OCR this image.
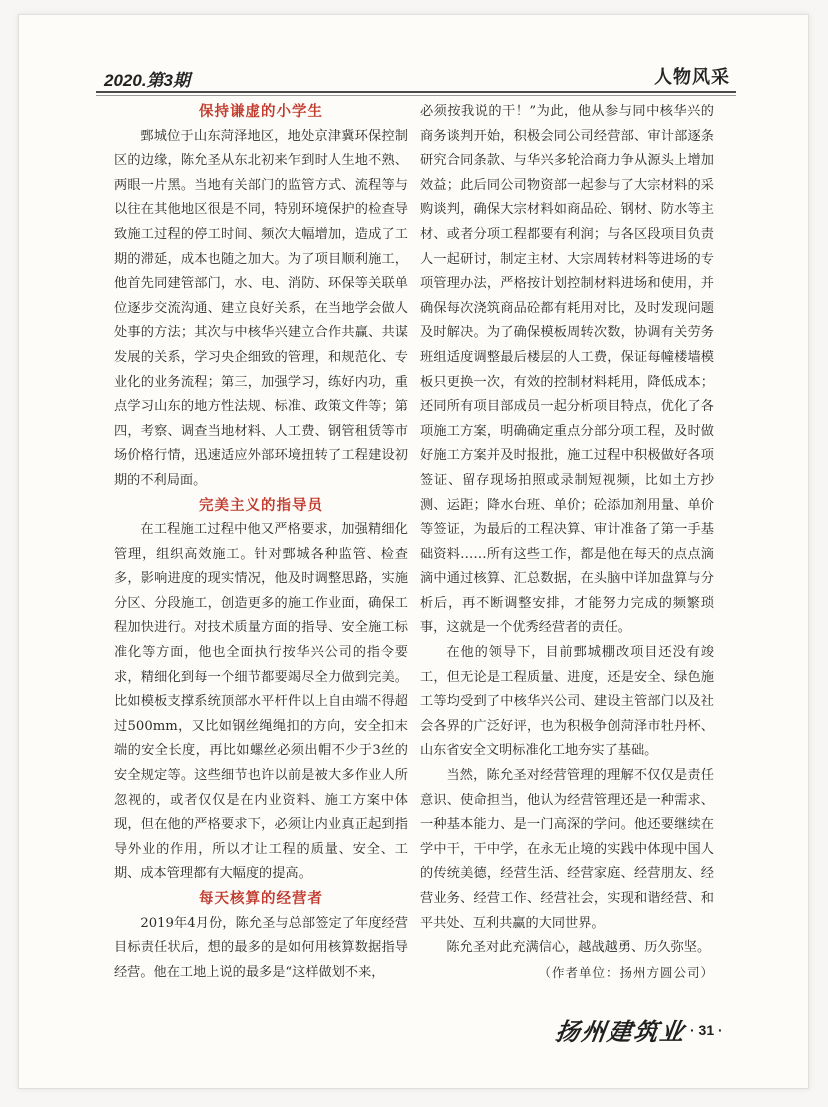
2020.第3期	人物风采

保持谦虚的小学生

鄄城位于山东菏泽地区，地处京津冀环保控制区的边缘，陈允圣从东北初来乍到时人生地不熟、两眼一片黑。当地有关部门的监管方式、流程等与以往在其他地区很是不同，特别环境保护的检查导致施工过程的停工时间、频次大幅增加，造成了工期的滞延，成本也随之加大。为了项目顺利施工，他首先同建管部门，水、电、消防、环保等关联单位逐步交流沟通、建立良好关系，在当地学会做人处事的方法；其次与中核华兴建立合作共赢、共谋发展的关系，学习央企细致的管理，和规范化、专业化的业务流程；第三，加强学习，练好内功，重点学习山东的地方性法规、标准、政策文件等；第四，考察、调查当地材料、人工费、钢管租赁等市场价格行情，迅速适应外部环境扭转了工程建设初期的不利局面。

完美主义的指导员

在工程施工过程中他又严格要求，加强精细化管理，组织高效施工。针对鄄城各种监管、检查多，影响进度的现实情况，他及时调整思路，实施分区、分段施工，创造更多的施工作业面，确保工程加快进行。对技术质量方面的指导、安全施工标准化等方面，他也全面执行按华兴公司的指令要求，精细化到每一个细节都要竭尽全力做到完美。比如模板支撑系统顶部水平杆件以上自由端不得超过500mm，又比如钢丝绳绳扣的方向，安全扣末端的安全长度，再比如螺丝必须出帽不少于3丝的安全规定等。这些细节也许以前是被大多作业人所忽视的，或者仅仅是在内业资料、施工方案中体现，但在他的严格要求下，必须让内业真正起到指导外业的作用，所以才让工程的质量、安全、工期、成本管理都有大幅度的提高。

每天核算的经营者

2019年4月份，陈允圣与总部签定了年度经营目标责任状后，想的最多的是如何用核算数据指导经营。他在工地上说的最多是“这样做划不来，

必须按我说的干！”为此，他从参与同中核华兴的商务谈判开始，积极会同公司经营部、审计部逐条研究合同条款、与华兴多轮洽商力争从源头上增加效益；此后同公司物资部一起参与了大宗材料的采购谈判，确保大宗材料如商品砼、钢材、防水等主材、或者分项工程都要有利润；与各区段项目负责人一起研讨，制定主材、大宗周转材料等进场的专项管理办法，严格按计划控制材料进场和使用，并确保每次浇筑商品砼都有耗用对比，及时发现问题及时解决。为了确保模板周转次数，协调有关劳务班组适度调整最后楼层的人工费，保证每幢楼墙模板只更换一次，有效的控制材料耗用，降低成本；还同所有项目部成员一起分析项目特点，优化了各项施工方案，明确确定重点分部分项工程，及时做好施工方案并及时报批，施工过程中积极做好各项签证、留存现场拍照或录制短视频，比如土方抄测、运距；降水台班、单价；砼添加剂用量、单价等签证，为最后的工程决算、审计准备了第一手基础资料……所有这些工作，都是他在每天的点点滴滴中通过核算、汇总数据，在头脑中详加盘算与分析后，再不断调整安排，才能努力完成的频繁琐事，这就是一个优秀经营者的责任。

在他的领导下，目前鄄城棚改项目还没有竣工，但无论是工程质量、进度，还是安全、绿色施工等均受到了中核华兴公司、建设主管部门以及社会各界的广泛好评，也为积极争创菏泽市牡丹杯、山东省安全文明标准化工地夯实了基础。

当然，陈允圣对经营管理的理解不仅仅是责任意识、使命担当，他认为经营管理还是一种需求、一种基本能力、是一门高深的学问。他还要继续在学中干，干中学，在永无止境的实践中体现中国人的传统美德，经营生活、经营家庭、经营朋友、经营业务、经营工作、经营社会，实现和谐经营、和平共处、互利共赢的大同世界。

陈允圣对此充满信心，越战越勇、历久弥坚。

（作者单位：扬州方圆公司）

扬州建筑业 · 31 ·
